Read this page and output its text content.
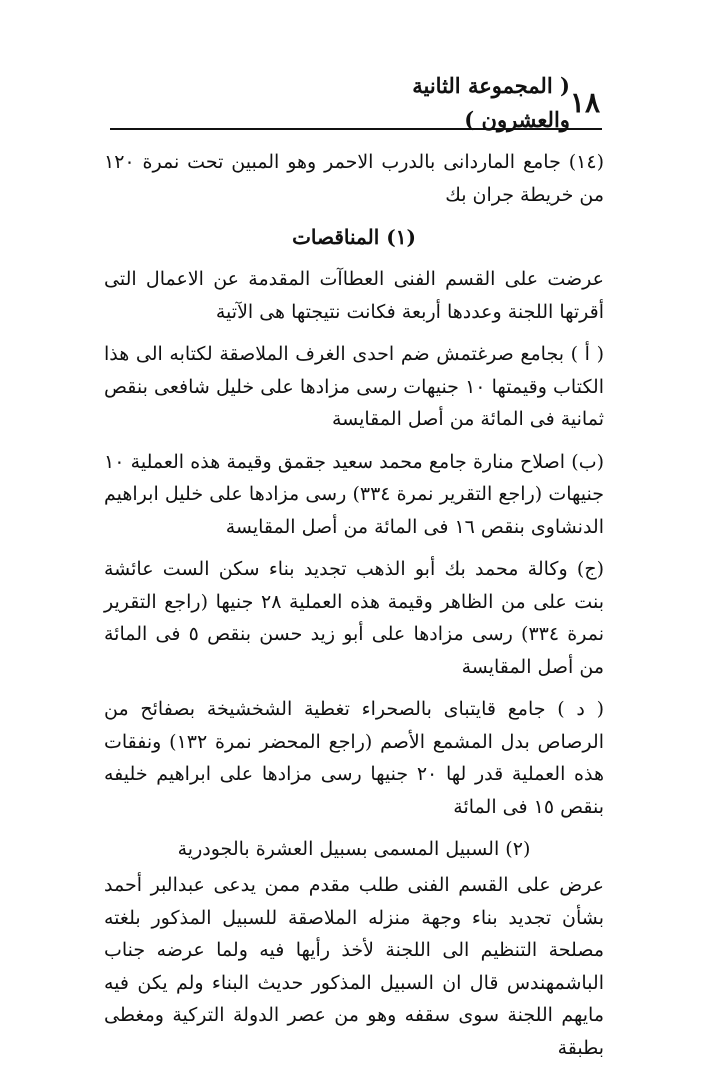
١٨
( المجموعة الثانية والعشرون )

(١٤) جامع الماردانى بالدرب الاحمر وهو المبين تحت نمرة ١٢٠ من خريطة جران بك

(١) المناقصات

عرضت على القسم الفنى العطاآت المقدمة عن الاعمال التى أقرتها اللجنة وعددها أربعة فكانت نتيجتها هى الآتية

( أ ) بجامع صرغتمش ضم احدى الغرف الملاصقة لكتابه الى هذا الكتاب وقيمتها ١٠ جنيهات رسى مزادها على خليل شافعى بنقص ثمانية فى المائة من أصل المقايسة

(ب) اصلاح منارة جامع محمد سعيد جقمق وقيمة هذه العملية ١٠ جنيهات (راجع التقرير نمرة ٣٣٤) رسى مزادها على خليل ابراهيم الدنشاوى بنقص ١٦ فى المائة من أصل المقايسة

(ج) وكالة محمد بك أبو الذهب تجديد بناء سكن الست عائشة بنت على من الظاهر وقيمة هذه العملية ٢٨ جنيها (راجع التقرير نمرة ٣٣٤) رسى مزادها على أبو زيد حسن بنقص ٥ فى المائة من أصل المقايسة

( د ) جامع قايتباى بالصحراء تغطية الشخشيخة بصفائح من الرصاص بدل المشمع الأصم (راجع المحضر نمرة ١٣٢) ونفقات هذه العملية قدر لها ٢٠ جنيها رسى مزادها على ابراهيم خليفه بنقص ١٥ فى المائة

(٢) السبيل المسمى بسبيل العشرة بالجودرية

عرض على القسم الفنى طلب مقدم ممن يدعى عبدالبر أحمد بشأن تجديد بناء وجهة منزله الملاصقة للسبيل المذكور بلغته مصلحة التنظيم الى اللجنة لأخذ رأيها فيه ولما عرضه جناب الباشمهندس قال ان السبيل المذكور حديث البناء ولم يكن فيه مايهم اللجنة سوى سقفه وهو من عصر الدولة التركية ومغطى بطبقة
